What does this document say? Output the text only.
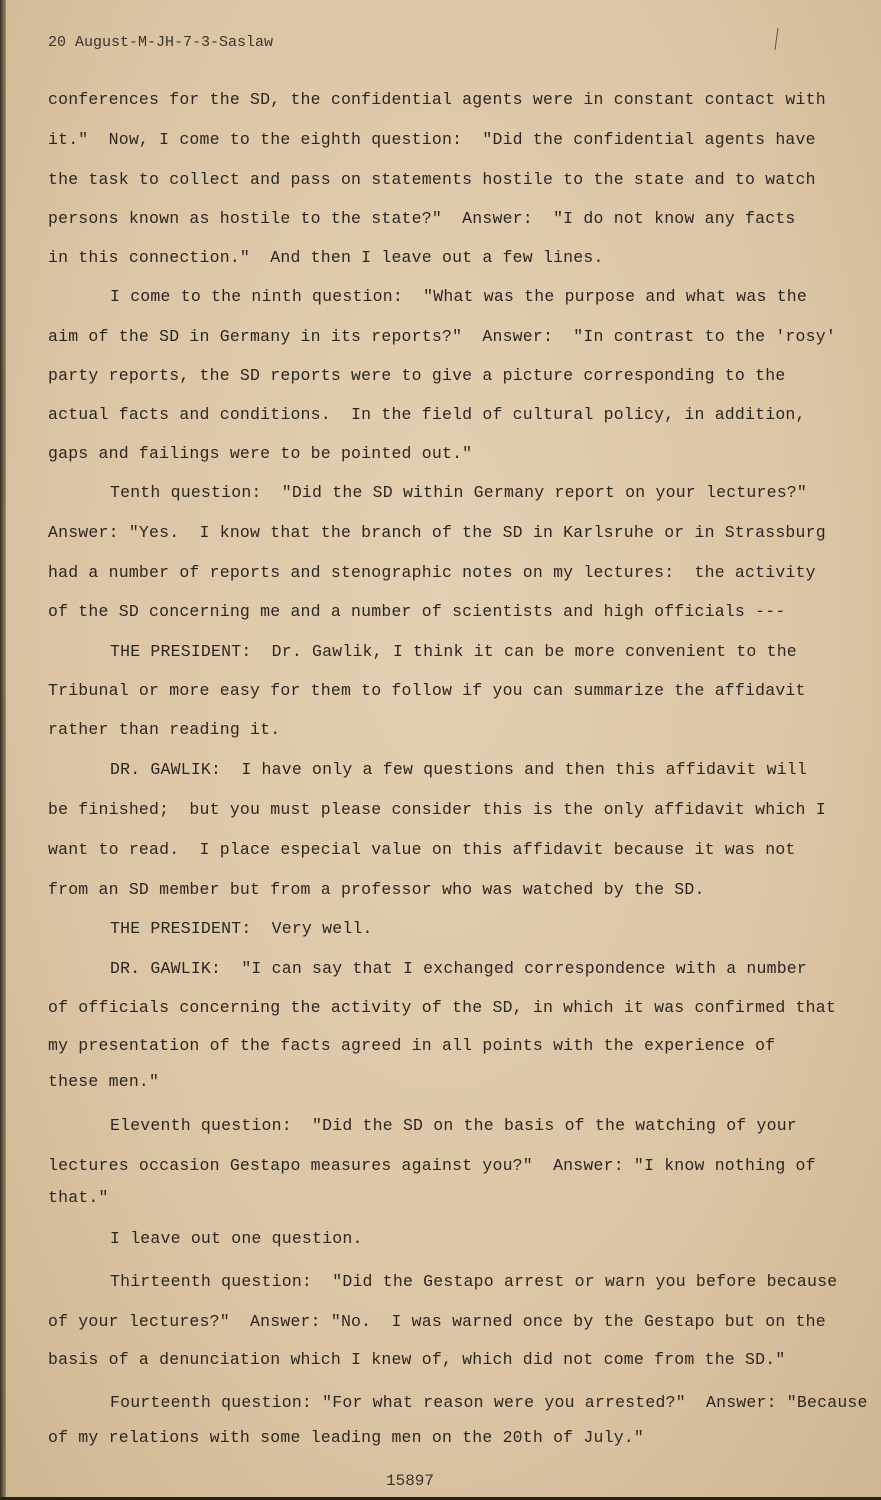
20 August-M-JH-7-3-Saslaw
conferences for the SD, the confidential agents were in constant contact with
it."  Now, I come to the eighth question:  "Did the confidential agents have
the task to collect and pass on statements hostile to the state and to watch
persons known as hostile to the state?"  Answer:  "I do not know any facts
in this connection."  And then I leave out a few lines.
I come to the ninth question:  "What was the purpose and what was the
aim of the SD in Germany in its reports?"  Answer:  "In contrast to the 'rosy'
party reports, the SD reports were to give a picture corresponding to the
actual facts and conditions.  In the field of cultural policy, in addition,
gaps and failings were to be pointed out."
Tenth question:  "Did the SD within Germany report on your lectures?"
Answer: "Yes.  I know that the branch of the SD in Karlsruhe or in Strassburg
had a number of reports and stenographic notes on my lectures:  the activity
of the SD concerning me and a number of scientists and high officials ---
THE PRESIDENT:  Dr. Gawlik, I think it can be more convenient to the
Tribunal or more easy for them to follow if you can summarize the affidavit
rather than reading it.
DR. GAWLIK:  I have only a few questions and then this affidavit will
be finished;  but you must please consider this is the only affidavit which I
want to read.  I place especial value on this affidavit because it was not
from an SD member but from a professor who was watched by the SD.
THE PRESIDENT:  Very well.
DR. GAWLIK:  "I can say that I exchanged correspondence with a number
of officials concerning the activity of the SD, in which it was confirmed that
my presentation of the facts agreed in all points with the experience of
these men."
Eleventh question:  "Did the SD on the basis of the watching of your
lectures occasion Gestapo measures against you?"  Answer: "I know nothing of
that."
I leave out one question.
Thirteenth question:  "Did the Gestapo arrest or warn you before because
of your lectures?"  Answer: "No.  I was warned once by the Gestapo but on the
basis of a denunciation which I knew of, which did not come from the SD."
Fourteenth question: "For what reason were you arrested?"  Answer: "Because
of my relations with some leading men on the 20th of July."
15897
